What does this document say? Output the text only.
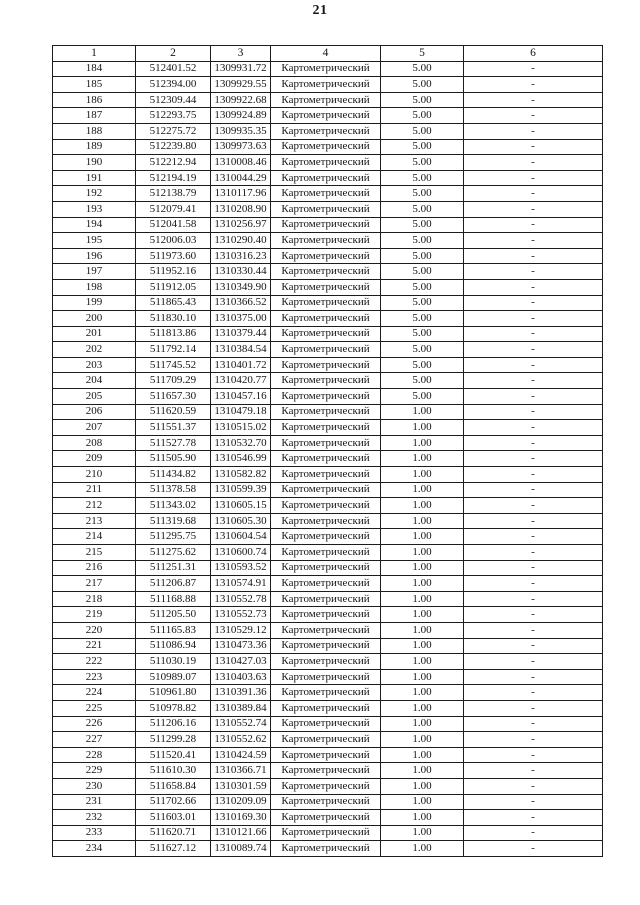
21
1	2	3	4	5	6
184	512401.52	1309931.72	Картометрический	5.00	-
185	512394.00	1309929.55	Картометрический	5.00	-
186	512309.44	1309922.68	Картометрический	5.00	-
187	512293.75	1309924.89	Картометрический	5.00	-
188	512275.72	1309935.35	Картометрический	5.00	-
189	512239.80	1309973.63	Картометрический	5.00	-
190	512212.94	1310008.46	Картометрический	5.00	-
191	512194.19	1310044.29	Картометрический	5.00	-
192	512138.79	1310117.96	Картометрический	5.00	-
193	512079.41	1310208.90	Картометрический	5.00	-
194	512041.58	1310256.97	Картометрический	5.00	-
195	512006.03	1310290.40	Картометрический	5.00	-
196	511973.60	1310316.23	Картометрический	5.00	-
197	511952.16	1310330.44	Картометрический	5.00	-
198	511912.05	1310349.90	Картометрический	5.00	-
199	511865.43	1310366.52	Картометрический	5.00	-
200	511830.10	1310375.00	Картометрический	5.00	-
201	511813.86	1310379.44	Картометрический	5.00	-
202	511792.14	1310384.54	Картометрический	5.00	-
203	511745.52	1310401.72	Картометрический	5.00	-
204	511709.29	1310420.77	Картометрический	5.00	-
205	511657.30	1310457.16	Картометрический	5.00	-
206	511620.59	1310479.18	Картометрический	1.00	-
207	511551.37	1310515.02	Картометрический	1.00	-
208	511527.78	1310532.70	Картометрический	1.00	-
209	511505.90	1310546.99	Картометрический	1.00	-
210	511434.82	1310582.82	Картометрический	1.00	-
211	511378.58	1310599.39	Картометрический	1.00	-
212	511343.02	1310605.15	Картометрический	1.00	-
213	511319.68	1310605.30	Картометрический	1.00	-
214	511295.75	1310604.54	Картометрический	1.00	-
215	511275.62	1310600.74	Картометрический	1.00	-
216	511251.31	1310593.52	Картометрический	1.00	-
217	511206.87	1310574.91	Картометрический	1.00	-
218	511168.88	1310552.78	Картометрический	1.00	-
219	511205.50	1310552.73	Картометрический	1.00	-
220	511165.83	1310529.12	Картометрический	1.00	-
221	511086.94	1310473.36	Картометрический	1.00	-
222	511030.19	1310427.03	Картометрический	1.00	-
223	510989.07	1310403.63	Картометрический	1.00	-
224	510961.80	1310391.36	Картометрический	1.00	-
225	510978.82	1310389.84	Картометрический	1.00	-
226	511206.16	1310552.74	Картометрический	1.00	-
227	511299.28	1310552.62	Картометрический	1.00	-
228	511520.41	1310424.59	Картометрический	1.00	-
229	511610.30	1310366.71	Картометрический	1.00	-
230	511658.84	1310301.59	Картометрический	1.00	-
231	511702.66	1310209.09	Картометрический	1.00	-
232	511603.01	1310169.30	Картометрический	1.00	-
233	511620.71	1310121.66	Картометрический	1.00	-
234	511627.12	1310089.74	Картометрический	1.00	-
